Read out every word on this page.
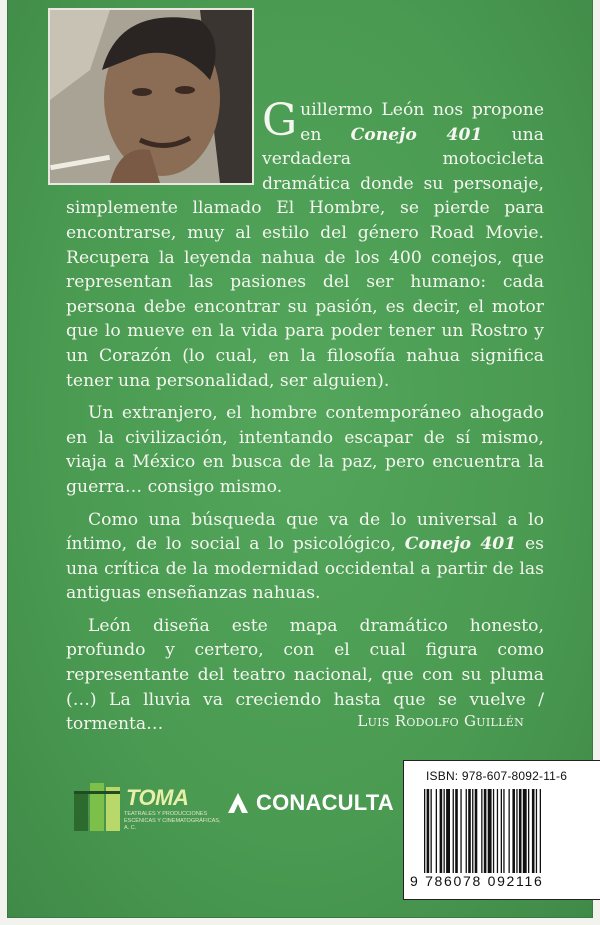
Guillermo León nos propone en Conejo 401 una verdadera motocicleta dramática donde su personaje, simplemente llamado El Hombre, se pierde para encontrarse, muy al estilo del género Road Movie. Recupera la leyenda nahua de los 400 conejos, que representan las pasiones del ser humano: cada persona debe encontrar su pasión, es decir, el motor que lo mueve en la vida para poder tener un Rostro y un Corazón (lo cual, en la filosofía nahua significa tener una personalidad, ser alguien).

Un extranjero, el hombre contemporáneo ahogado en la civilización, intentando escapar de sí mismo, viaja a México en busca de la paz, pero encuentra la guerra… consigo mismo.

Como una búsqueda que va de lo universal a lo íntimo, de lo social a lo psicológico, Conejo 401 es una crítica de la modernidad occidental a partir de las antiguas enseñanzas nahuas.

León diseña este mapa dramático honesto, profundo y certero, con el cual figura como representante del teatro nacional, que con su pluma (…) La lluvia va creciendo hasta que se vuelve / tormenta…	Luis Rodolfo Guillén
TOMA
TEATRALES Y PRODUCCIONES ESCÉNICAS Y CINEMATOGRÁFICAS, A. C.
CONACULTA
ISBN: 978-607-8092-11-6
9 786078 092116
